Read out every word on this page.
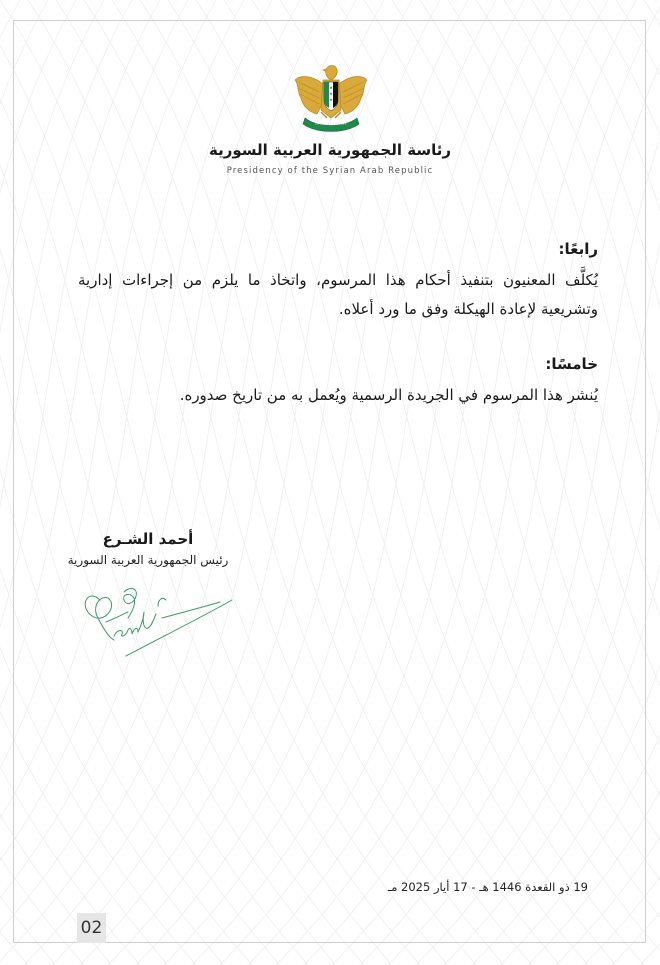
★
★
★
رئاسة الجمهورية العربية السورية
Presidency of the Syrian Arab Republic
رابعًا:
يُكلَّف المعنيون بتنفيذ أحكام هذا المرسوم، واتخاذ ما يلزم من إجراءات إدارية وتشريعية لإعادة الهيكلة وفق ما ورد أعلاه.
خامسًا:
يُنشر هذا المرسوم في الجريدة الرسمية ويُعمل به من تاريخ صدوره.
أحمد الشـرع
رئيس الجمهورية العربية السورية
19 ذو القعدة 1446 هـ - 17 أيار 2025 مـ
02
